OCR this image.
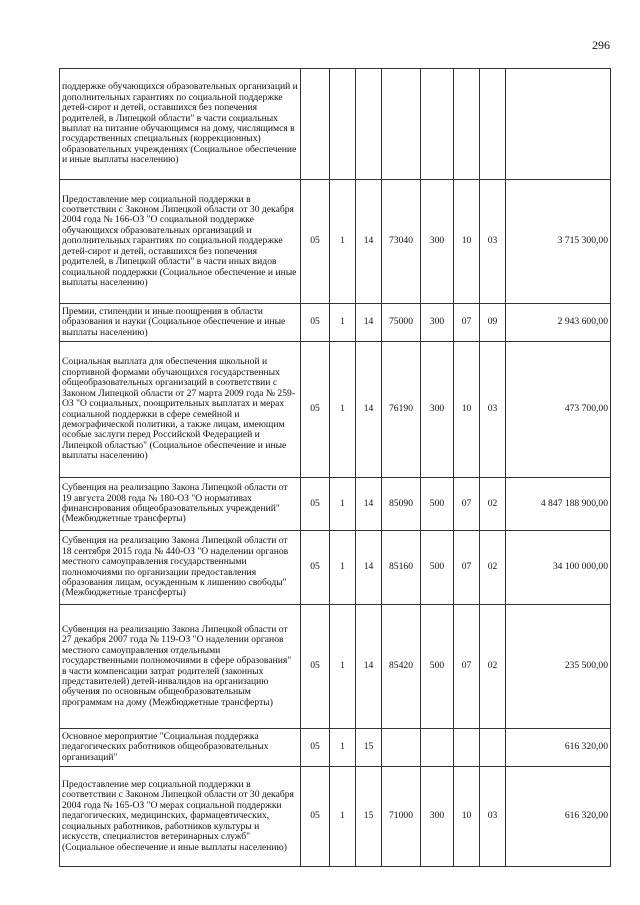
296
поддержке обучающихся образовательных организаций и дополнительных гарантиях по социальной поддержке детей-сирот и детей, оставшихся без попечения родителей, в Липецкой области" в части социальных выплат на питание обучающимся на дому, числящимся в государственных специальных (коррекционных) образовательных учреждениях (Социальное обеспечение и иные выплаты населению)								
Предоставление мер социальной поддержки в соответствии с Законом Липецкой области от 30 декабря 2004 года № 166-ОЗ "О социальной поддержке обучающихся образовательных организаций и дополнительных гарантиях по социальной поддержке детей-сирот и детей, оставшихся без попечения родителей, в Липецкой области" в части иных видов социальной поддержки (Социальное обеспечение и иные выплаты населению)	05	1	14	73040	300	10	03	3 715 300,00
Премии, стипендии и иные поощрения в области образования и науки (Социальное обеспечение и иные выплаты населению)	05	1	14	75000	300	07	09	2 943 600,00
Социальная выплата для обеспечения школьной и спортивной формами обучающихся государственных общеобразовательных организаций в соответствии с Законом Липецкой области от 27 марта 2009 года № 259-ОЗ "О социальных, поощрительных выплатах и мерах социальной поддержки в сфере семейной и демографической политики, а также лицам, имеющим особые заслуги перед Российской Федерацией и Липецкой областью" (Социальное обеспечение и иные выплаты населению)	05	1	14	76190	300	10	03	473 700,00
Субвенция на реализацию Закона Липецкой области от 19 августа 2008 года № 180-ОЗ "О нормативах финансирования общеобразовательных учреждений" (Межбюджетные трансферты)	05	1	14	85090	500	07	02	4 847 188 900,00
Субвенция на реализацию Закона Липецкой области от 18 сентября 2015 года № 440-ОЗ "О наделении органов местного самоуправления государственными полномочиями по организации предоставления образования лицам, осужденным к лишению свободы" (Межбюджетные трансферты)	05	1	14	85160	500	07	02	34 100 000,00
Субвенция на реализацию Закона Липецкой области от 27 декабря 2007 года № 119-ОЗ "О наделении органов местного самоуправления отдельными государственными полномочиями в сфере образования" в части компенсации затрат родителей (законных представителей) детей-инвалидов на организацию обучения по основным общеобразовательным программам на дому (Межбюджетные трансферты)	05	1	14	85420	500	07	02	235 500,00
Основное мероприятие "Социальная поддержка педагогических работников общеобразовательных организаций"	05	1	15					616 320,00
Предоставление мер социальной поддержки в соответствии с Законом Липецкой области от 30 декабря 2004 года № 165-ОЗ "О мерах социальной поддержки педагогических, медицинских, фармацевтических, социальных работников, работников культуры и искусств, специалистов ветеринарных служб" (Социальное обеспечение и иные выплаты населению)	05	1	15	71000	300	10	03	616 320,00
